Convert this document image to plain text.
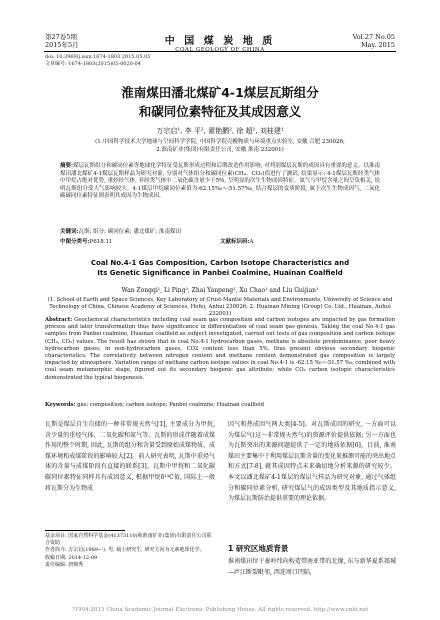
第27卷5期
2015年5月	中 国 煤 炭 地 质
COAL GEOLOGY OF CHINA
Vol.27 No.05
May. 2015
doi: 10.3969/j.issn.1674-1803.2015.05.05
文章编号: 1674-1803(2015)05-0020-04
淮南煤田潘北煤矿4-1煤层瓦斯组分
和碳同位素特征及其成因意义
万宗启¹, 李 平², 翟艳鹏², 徐 超¹, 刘桂建¹
(1.中国科学技术大学地球与空间科学学院, 中国科学院壳幔物质与环境重点实验室, 安徽 合肥 230026;
2.淮南矿业(集团)有限责任公司, 安徽 淮南 232001)
摘要:煤层瓦斯组分和碳同位素等地球化学特征受瓦斯形成过程和后期改造作用影响, 对判别煤层瓦斯的成因具有重要的意义。以淮南煤田潘北煤矿4-1煤层瓦斯样品为研究对象, 分别对气体组分和碳同位素(CH₄、CO₂)值进行了测试, 结果显示: 4-1煤层瓦斯经类气体中甲烷占绝对优势, 重烃经气体, 非经类气体中二氧化碳含量少于5%, 呈明显的次生生物成因特征。氮气与甲烷含量之间呈负相关, 说明瓦斯组分受大气影响较大。4-1煤层甲烷碳同位素值为-62.15‰~-51.57‰, 结合煤层的变质阶段, 属于次生生物成因气, 二氧化碳碳同位素特征则表明其成因为生物成因。
关键词:瓦斯; 组分; 碳同位素; 潘北煤矿; 淮南煤田
中图分类号:P618.11	文献标识码:A
Coal No.4-1 Gas Composition, Carbon Isotope Characteristics and
Its Genetic Significance in Panbei Coalmine, Huainan Coalfield
Wan Zongqi¹, Li Ping², Zhai Yanpeng², Xu Chao¹ and Liu Guijian¹
(1. School of Earth and Space Sciences, Key Laboratory of Crust-Mantle Materials and Environments, University of Science and Technology of China, Chinese Academy of Sciences, Hefei, Anhui 230026; 2. Huainan Mining (Group) Co. Ltd., Huainan, Anhui 232001)
Abstract: Geochemical characteristics including coal seam gas composition and carbon isotopes are impacted by gas formation process and later transformation thus have significance in differentiation of coal seam gas genesis. Taking the coal No.4-1 gas samples from Panbei coalmine, Huainan coalfield as subject investigated, carried out tests of gas composition and carbon isotope (CH₄, CO₂) values. The result has shown that in coal No.4-1 hydrocarbon gases, methane is absolute predominance, poor heavy hydrocarbon gases; in non-hydrocarbon gases, CO2 content less than 5%, thus present obvious secondary biogenic characteristics. The correlativity between nitrogen content and methane content demonstrated gas composition is largely impacted by atmosphere. Variation range of methane carbon isotope values in coal No.4-1 is -62.15 ‰~-51.57 ‰, combined with coal seam metamorphic stage, figured out its secondary biogenic gas attribute; while CO₂ carbon isotopic characteristics demonstrated the typical biogenesis.
Keywords: gas; composition; carbon isotope; Panbei coalmine; Huainan coalfield
瓦斯是煤层自生自储的一种非常规天然气[1], 主要成分为甲烷, 含少量的重烃气体、二氧化碳和氮气等。瓦斯的形成伴随着成煤作用的整个时期, 因此, 瓦斯的组分和含量受到原始成煤物质、成煤环境和成煤阶段的影响较大[2]。前人研究表明, 瓦斯中重烃气体的含量与成煤阶段有直接的联系[3]。瓦斯中甲烷和二氧化碳碳同位素特征同样具有成因意义, 根据甲烷δ¹³C值, 国际上一般将瓦斯分为生物成
基金项目: 国家自然科学基金(41373110)和淮南矿业(集团)有限责任公司联合资助
作者简介: 万宗启(1989—), 男, 硕士研究生, 研究方向为元素地球化学。
收稿日期: 2014-12-09
责任编辑: 唐锦秀
因气和热成因气两大类[4-5]。对瓦斯成因的研究, 一方面可以为煤层气(这一非常规天然气)的资源评价提供依据; 另一方面也为瓦斯突出的来源问题提供了一定的地质依据[6]。目前, 淮南煤田主要集中于利用煤层瓦斯含量的变化来推测可能的突出地点和方式[7-8], 就其成因特点未来确切地分析来源的研究较少。本文以潘北煤矿4-1煤层的煤层气样品为研究对象, 通过气体组分和碳同位素分析, 研究煤层气的成因类型及其地质指示意义, 为煤层瓦斯防治提供重要的理论依据。
1 研究区地质背景
淮南煤田位于秦岭纬向构造带南亚带的北缘, 东与新华夏系郯城—庐江断裂毗邻, 西连周口凹陷,
?1994-2015 China Academic Journal Electronic Publishing House. All rights reserved. http://www.cnki.net
